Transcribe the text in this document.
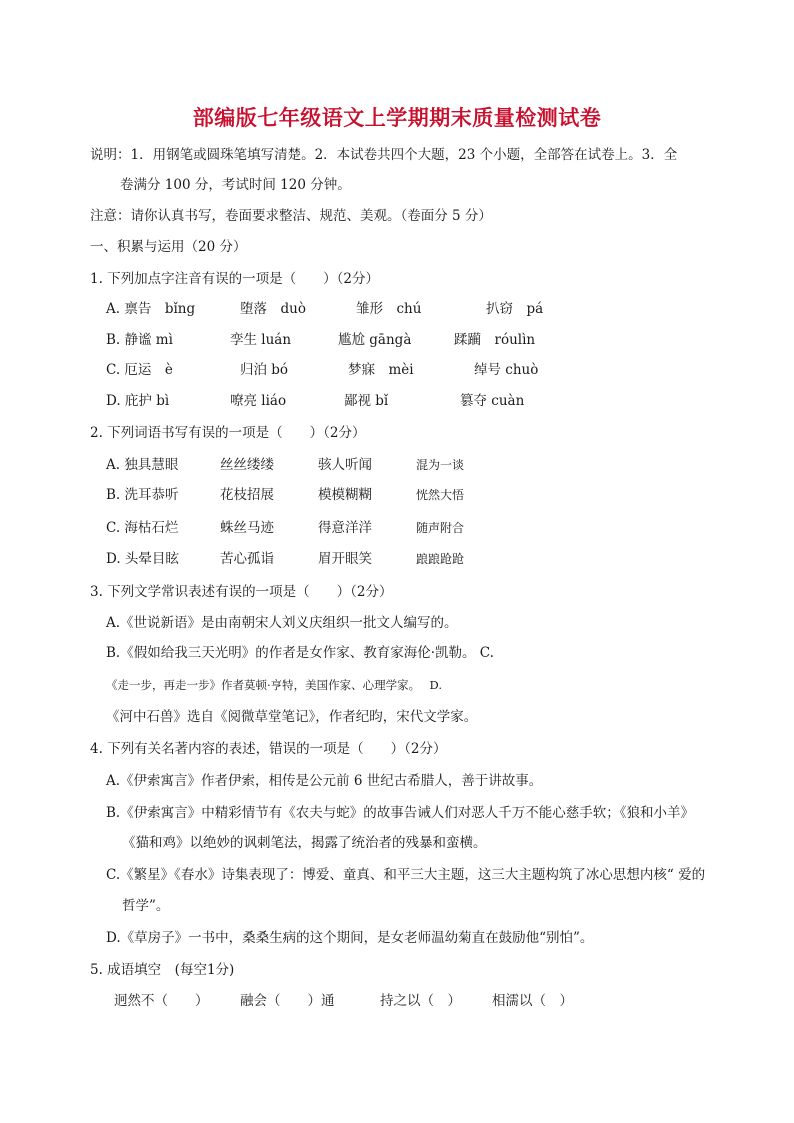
部编版七年级语文上学期期末质量检测试卷
说明：1．用钢笔或圆珠笔填写清楚。2．本试卷共四个大题，23 个小题，全部答在试卷上。3．全
卷满分 100 分，考试时间 120 分钟。
注意：请你认真书写，卷面要求整洁、规范、美观。（卷面分 5 分）
一、积累与运用（20 分）
1. 下列加点字注音有误的一项是（　　）（2分）
A. 禀告　bǐng	堕落　duò	雏形　chú	扒窃　pá
B. 静谧 mì	孪生 luán	尴尬 gāngà	蹂躏　róulìn
C. 厄运　è	归泊 bó	梦寐　mèi	绰号 chuò
D. 庇护 bì	嘹亮 liáo	鄙视 bǐ	篡夺 cuàn
2. 下列词语书写有误的一项是（　　）（2分）
A. 独具慧眼	丝丝缕缕	骇人听闻	混为一谈
B. 洗耳恭听	花枝招展	模模糊糊	恍然大悟
C. 海枯石烂	蛛丝马迹	得意洋洋	随声附合
D. 头晕目眩	苦心孤诣	眉开眼笑	踉踉跄跄
3. 下列文学常识表述有误的一项是（　　）（2分）
A.《世说新语》是由南朝宋人刘义庆组织一批文人编写的。
B.《假如给我三天光明》的作者是女作家、教育家海伦·凯勒。 C.
《走一步，再走一步》作者莫顿·亨特，美国作家、心理学家。　 D.
《河中石兽》选自《阅微草堂笔记》，作者纪昀，宋代文学家。
4. 下列有关名著内容的表述，错误的一项是（　　）（2分）
A.《伊索寓言》作者伊索，相传是公元前 6 世纪古希腊人，善于讲故事。
B.《伊索寓言》中精彩情节有《农夫与蛇》的故事告诫人们对恶人千万不能心慈手软；《狼和小羊》
《猫和鸡》以绝妙的讽刺笔法，揭露了统治者的残暴和蛮横。
C.《繁星》《春水》诗集表现了：博爱、童真、和平三大主题，这三大主题构筑了冰心思想内核“ 爱的
哲学”。
D.《草房子》一书中，桑桑生病的这个期间，是女老师温幼菊直在鼓励他“别怕”。
5. 成语填空　(每空1分)
迥然不（　　） 融会（　　）通	持之以（　） 相濡以（　）
